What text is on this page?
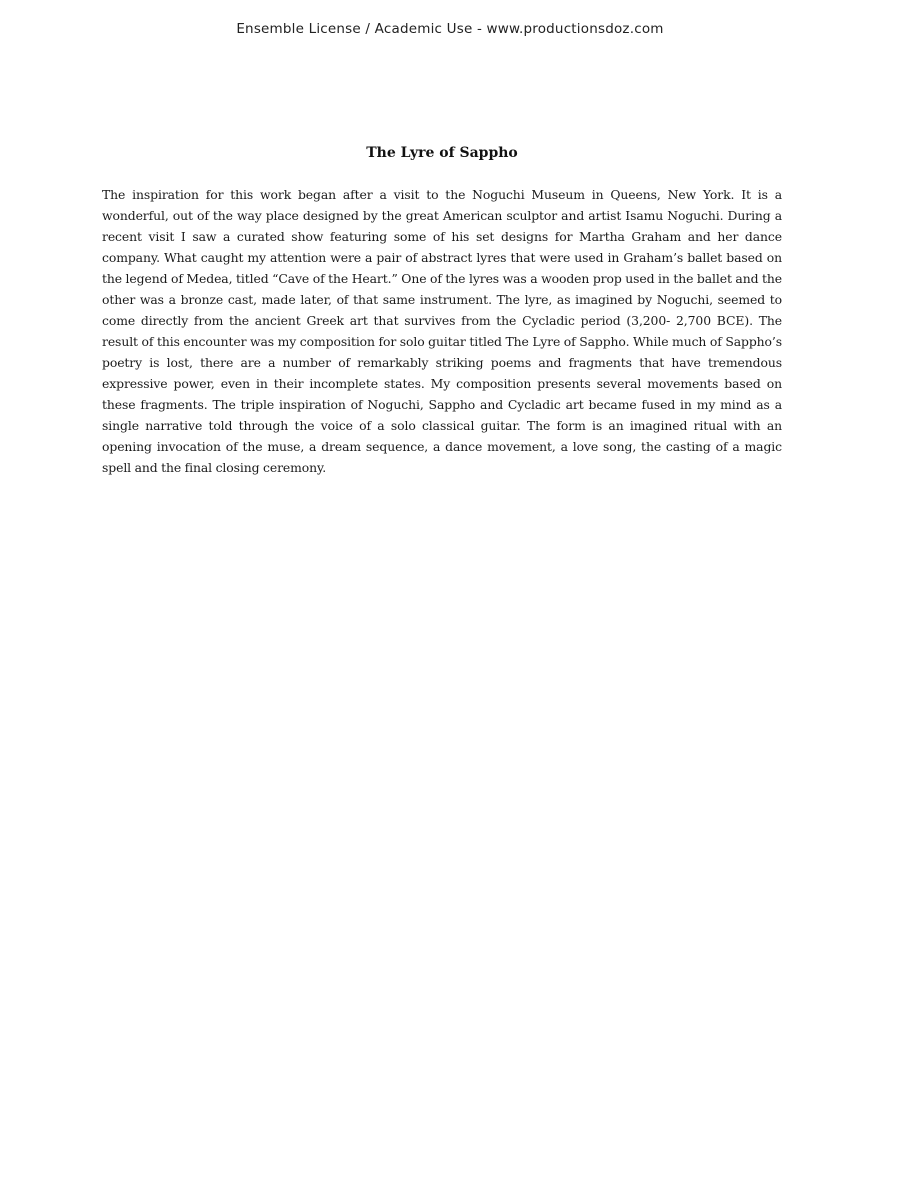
Ensemble License / Academic Use - www.productionsdoz.com
The Lyre of Sappho

The inspiration for this work began after a visit to the Noguchi Museum in Queens, New York. It is a wonderful, out of the way place designed by the great American sculptor and artist Isamu Noguchi. During a recent visit I saw a curated show featuring some of his set designs for Martha Graham and her dance company. What caught my attention were a pair of abstract lyres that were used in Graham’s ballet based on the legend of Medea, titled “Cave of the Heart.” One of the lyres was a wooden prop used in the ballet and the other was a bronze cast, made later, of that same instrument. The lyre, as imagined by Noguchi, seemed to come directly from the ancient Greek art that survives from the Cycladic period (3,200- 2,700 BCE). The result of this encounter was my composition for solo guitar titled The Lyre of Sappho. While much of Sappho’s poetry is lost, there are a number of remarkably striking poems and fragments that have tremendous expressive power, even in their incomplete states. My composition presents several movements based on these fragments. The triple inspiration of Noguchi, Sappho and Cycladic art became fused in my mind as a single narrative told through the voice of a solo classical guitar. The form is an imagined ritual with an opening invocation of the muse, a dream sequence, a dance movement, a love song, the casting of a magic spell and the final closing ceremony.
